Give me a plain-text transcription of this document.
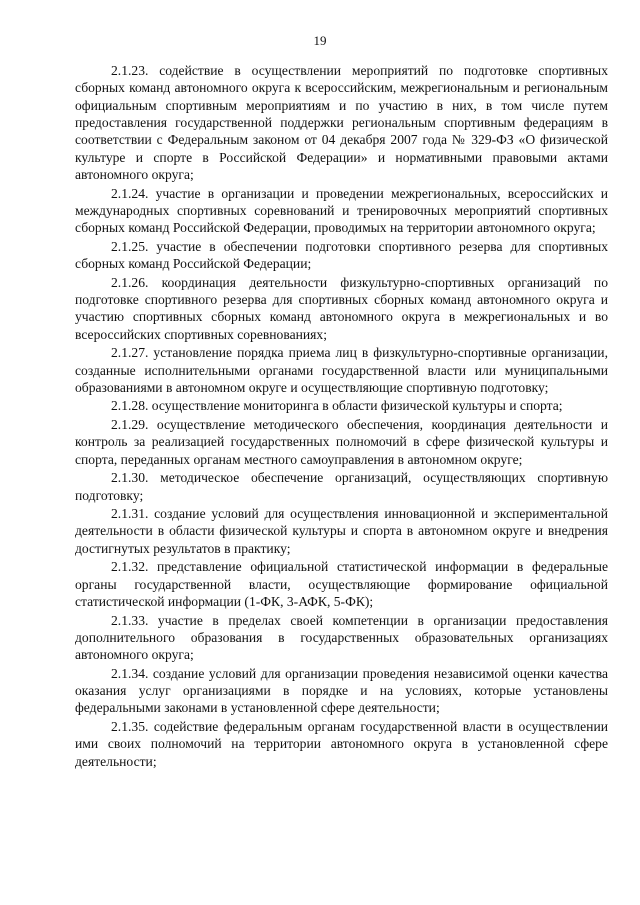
19

2.1.23. содействие в осуществлении мероприятий по подготовке спортивных сборных команд автономного округа к всероссийским, межрегиональным и региональным официальным спортивным мероприятиям и по участию в них, в том числе путем предоставления государственной поддержки региональным спортивным федерациям в соответствии с Федеральным законом от 04 декабря 2007 года № 329-ФЗ «О физической культуре и спорте в Российской Федерации» и нормативными правовыми актами автономного округа;

2.1.24. участие в организации и проведении межрегиональных, всероссийских и международных спортивных соревнований и тренировочных мероприятий спортивных сборных команд Российской Федерации, проводимых на территории автономного округа;

2.1.25. участие в обеспечении подготовки спортивного резерва для спортивных сборных команд Российской Федерации;

2.1.26. координация деятельности физкультурно-спортивных организаций по подготовке спортивного резерва для спортивных сборных команд автономного округа и участию спортивных сборных команд автономного округа в межрегиональных и во всероссийских спортивных соревнованиях;

2.1.27. установление порядка приема лиц в физкультурно-спортивные организации, созданные исполнительными органами государственной власти или муниципальными образованиями в автономном округе и осуществляющие спортивную подготовку;

2.1.28. осуществление мониторинга в области физической культуры и спорта;

2.1.29. осуществление методического обеспечения, координация деятельности и контроль за реализацией государственных полномочий в сфере физической культуры и спорта, переданных органам местного самоуправления в автономном округе;

2.1.30. методическое обеспечение организаций, осуществляющих спортивную подготовку;

2.1.31. создание условий для осуществления инновационной и экспериментальной деятельности в области физической культуры и спорта в автономном округе и внедрения достигнутых результатов в практику;

2.1.32. представление официальной статистической информации в федеральные органы государственной власти, осуществляющие формирование официальной статистической информации (1-ФК, 3-АФК, 5-ФК);

2.1.33. участие в пределах своей компетенции в организации предоставления дополнительного образования в государственных образовательных организациях автономного округа;

2.1.34. создание условий для организации проведения независимой оценки качества оказания услуг организациями в порядке и на условиях, которые установлены федеральными законами в установленной сфере деятельности;

2.1.35. содействие федеральным органам государственной власти в осуществлении ими своих полномочий на территории автономного округа в установленной сфере деятельности;
